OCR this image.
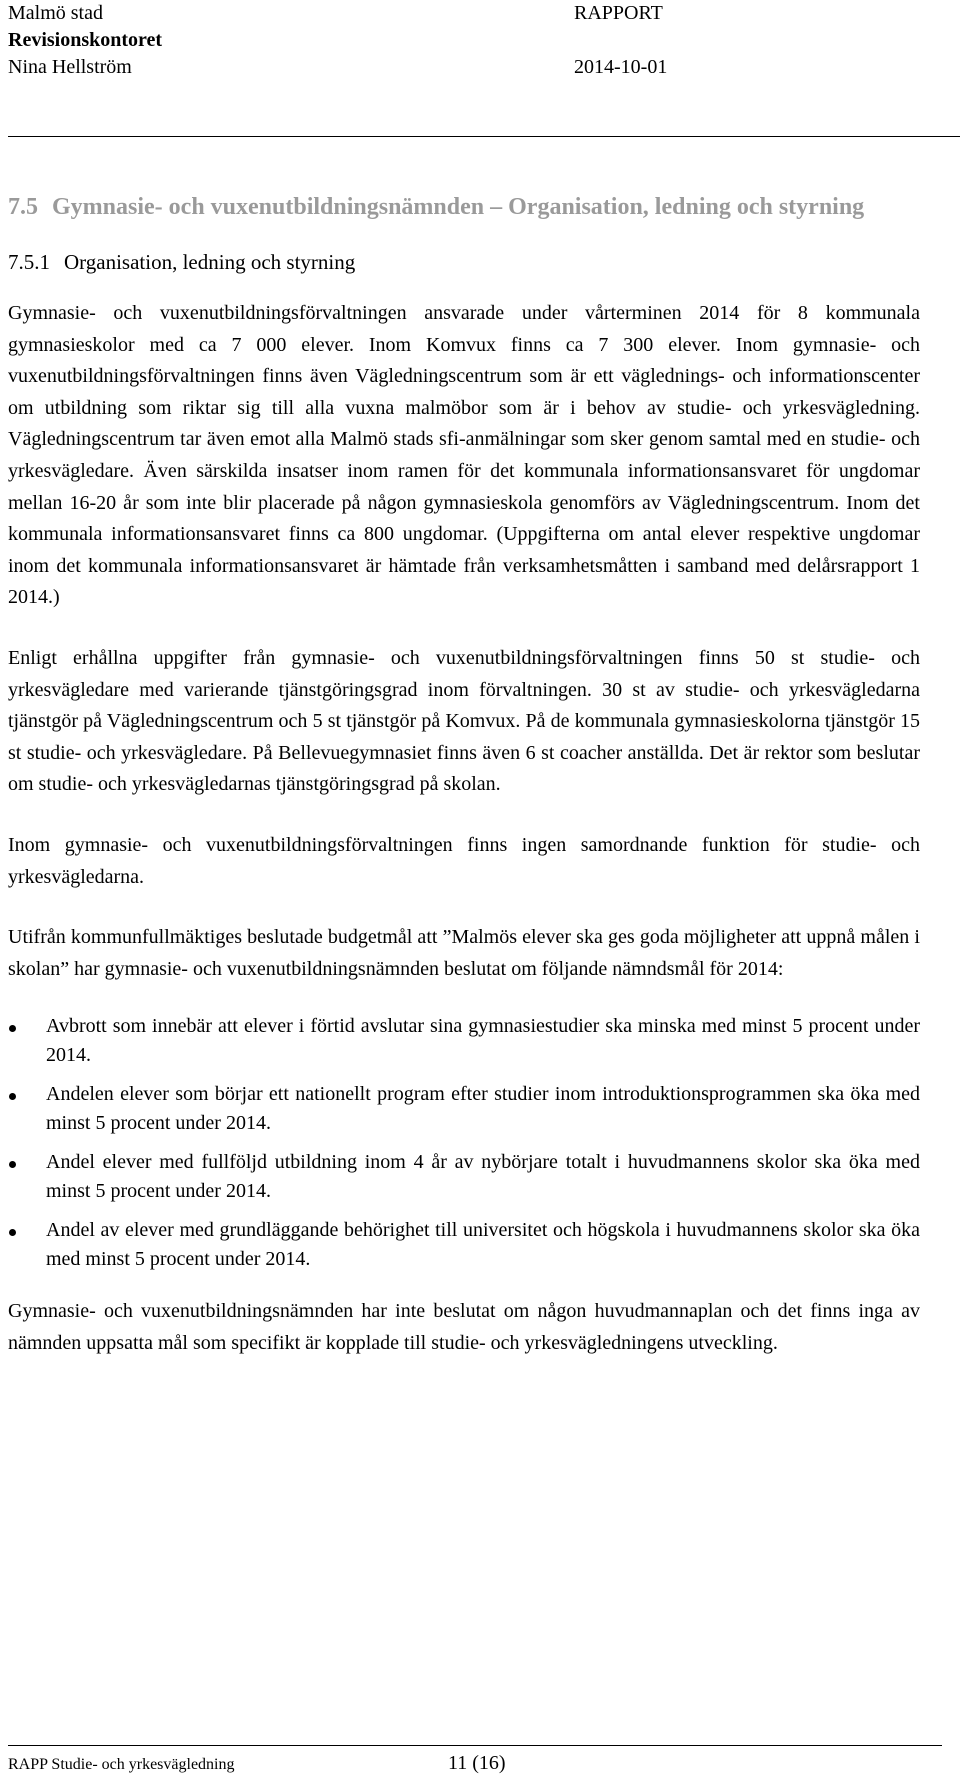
Malmö stad	RAPPORT
Revisionskontoret
Nina Hellström	2014-10-01
7.5 Gymnasie- och vuxenutbildningsnämnden – Organisation, ledning och styrning
7.5.1 Organisation, ledning och styrning

Gymnasie- och vuxenutbildningsförvaltningen ansvarade under vårterminen 2014 för 8 kommunala gymnasieskolor med ca 7 000 elever. Inom Komvux finns ca 7 300 elever. Inom gymnasie- och vuxenutbildningsförvaltningen finns även Vägledningscentrum som är ett väglednings- och informationscenter om utbildning som riktar sig till alla vuxna malmöbor som är i behov av studie- och yrkesvägledning. Vägledningscentrum tar även emot alla Malmö stads sfi-anmälningar som sker genom samtal med en studie- och yrkesvägledare. Även särskilda insatser inom ramen för det kommunala informationsansvaret för ungdomar mellan 16-20 år som inte blir placerade på någon gymnasieskola genomförs av Vägledningscentrum. Inom det kommunala informationsansvaret finns ca 800 ungdomar. (Uppgifterna om antal elever respektive ungdomar inom det kommunala informationsansvaret är hämtade från verksamhetsmåtten i samband med delårsrapport 1 2014.)

Enligt erhållna uppgifter från gymnasie- och vuxenutbildningsförvaltningen finns 50 st studie- och yrkesvägledare med varierande tjänstgöringsgrad inom förvaltningen. 30 st av studie- och yrkesvägledarna tjänstgör på Vägledningscentrum och 5 st tjänstgör på Komvux. På de kommunala gymnasieskolorna tjänstgör 15 st studie- och yrkesvägledare. På Bellevuegymnasiet finns även 6 st coacher anställda. Det är rektor som beslutar om studie- och yrkesvägledarnas tjänstgöringsgrad på skolan.

Inom gymnasie- och vuxenutbildningsförvaltningen finns ingen samordnande funktion för studie- och yrkesvägledarna.

Utifrån kommunfullmäktiges beslutade budgetmål att ”Malmös elever ska ges goda möjligheter att uppnå målen i skolan” har gymnasie- och vuxenutbildningsnämnden beslutat om följande nämndsmål för 2014:

Avbrott som innebär att elever i förtid avslutar sina gymnasiestudier ska minska med minst 5 procent under 2014.
Andelen elever som börjar ett nationellt program efter studier inom introduktionsprogrammen ska öka med minst 5 procent under 2014.
Andel elever med fullföljd utbildning inom 4 år av nybörjare totalt i huvudmannens skolor ska öka med minst 5 procent under 2014.
Andel av elever med grundläggande behörighet till universitet och högskola i huvudmannens skolor ska öka med minst 5 procent under 2014.

Gymnasie- och vuxenutbildningsnämnden har inte beslutat om någon huvudmannaplan och det finns inga av nämnden uppsatta mål som specifikt är kopplade till studie- och yrkesvägledningens utveckling.

RAPP Studie- och yrkesvägledning	11 (16)
